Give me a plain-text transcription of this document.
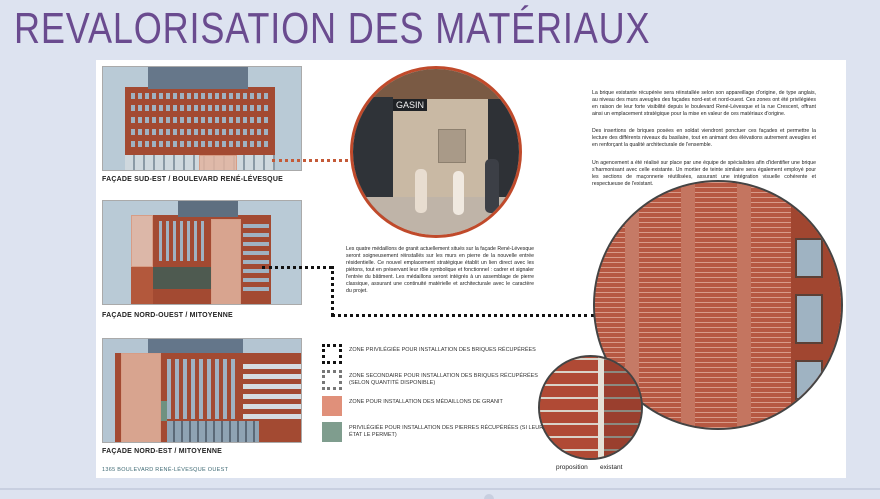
REVALORISATION DES MATÉRIAUX
FAÇADE SUD-EST / BOULEVARD RENÉ-LÉVESQUE
FAÇADE NORD-OUEST / MITOYENNE
FAÇADE NORD-EST / MITOYENNE
1365 BOULEVARD RENÉ-LÉVESQUE OUEST
GASIN
proposition existant
La brique existante récupérée sera réinstallée selon son appareillage d'origine, de type anglais, au niveau des murs aveugles des façades nord-est et nord-ouest. Ces zones ont été privilégiées en raison de leur forte visibilité depuis le boulevard René-Lévesque et la rue Crescent, offrant ainsi un emplacement stratégique pour la mise en valeur de ces matériaux d'origine.
Des insertions de briques posées en soldat viendront ponctuer ces façades et permettre la lecture des différents niveaux du basilaire, tout en animant des élévations autrement aveugles et en renforçant la qualité architecturale de l'ensemble.
Un agencement a été réalisé sur place par une équipe de spécialistes afin d'identifier une brique s'harmonisant avec celle existante. Un mortier de teinte similaire sera également employé pour les sections de maçonnerie réutilisées, assurant une intégration visuelle cohérente et respectueuse de l'existant.
Les quatre médaillons de granit actuellement situés sur la façade René-Lévesque seront soigneusement réinstallés sur les murs en pierre de la nouvelle entrée résidentielle. Ce nouvel emplacement stratégique établit un lien direct avec les piétons, tout en préservant leur rôle symbolique et fonctionnel : cadrer et signaler l'entrée du bâtiment. Les médaillons seront intégrés à un assemblage de pierre classique, assurant une continuité matérielle et architecturale avec le caractère du projet.
ZONE PRIVILÉGIÉE POUR INSTALLATION DES BRIQUES RÉCUPÉRÉES
ZONE SECONDAIRE POUR INSTALLATION DES BRIQUES RÉCUPÉRÉES (SELON QUANTITÉ DISPONIBLE)
ZONE POUR INSTALLATION DES MÉDAILLONS DE GRANIT
PRIVILÉGIÉE POUR INSTALLATION DES PIERRES RÉCUPÉRÉES (SI LEUR ÉTAT LE PERMET)
